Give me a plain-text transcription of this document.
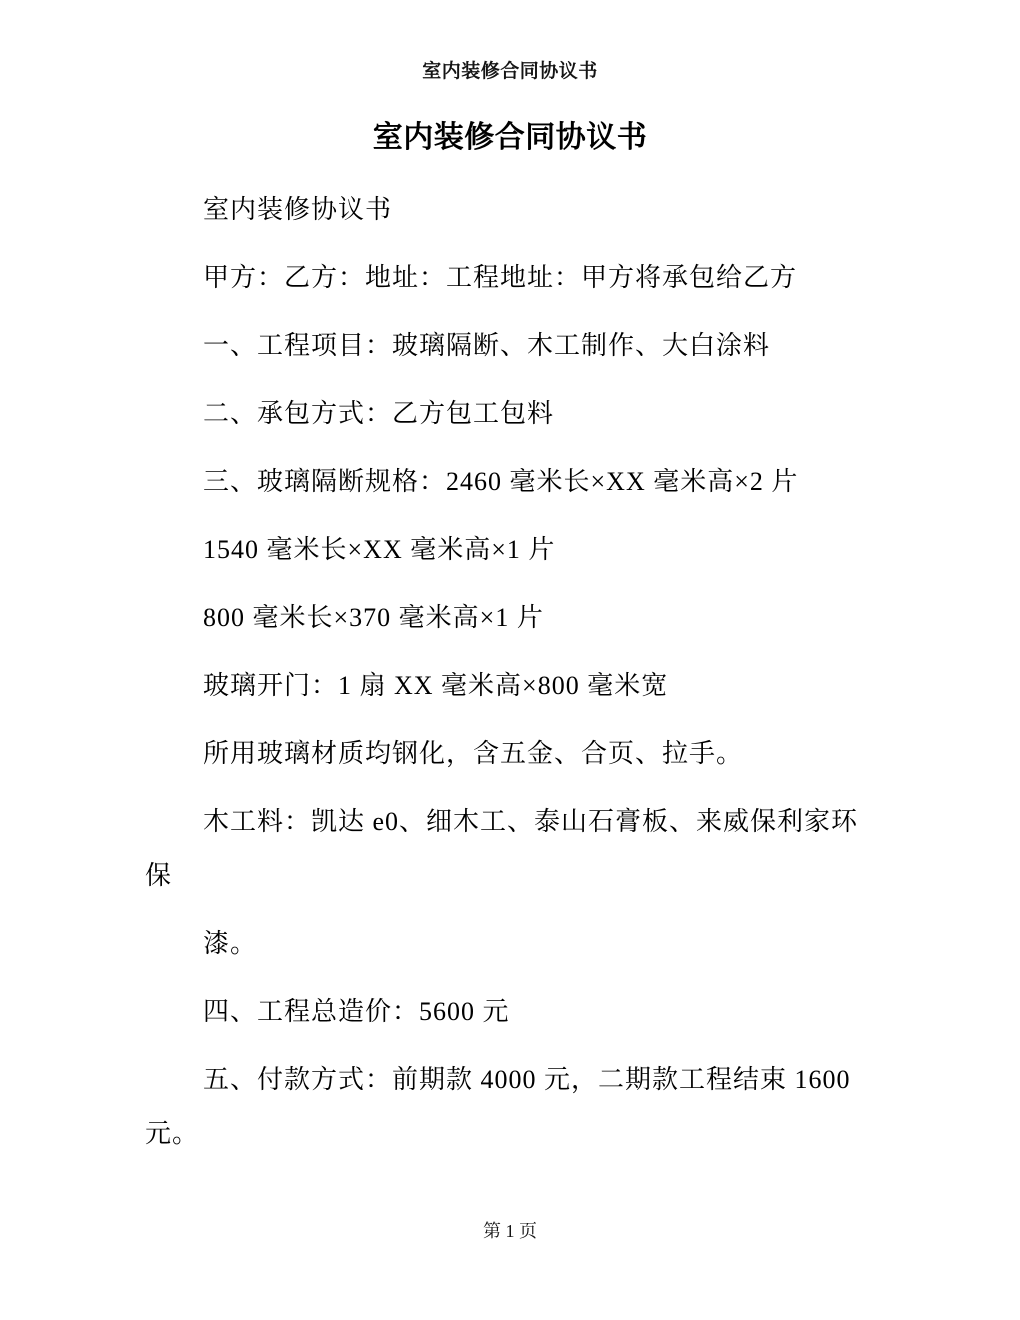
室内装修合同协议书
室内装修合同协议书

室内装修协议书

甲方：乙方：地址：工程地址：甲方将承包给乙方

一、工程项目：玻璃隔断、木工制作、大白涂料

二、承包方式：乙方包工包料

三、玻璃隔断规格：2460 毫米长×XX 毫米高×2 片

1540 毫米长×XX 毫米高×1 片

800 毫米长×370 毫米高×1 片

玻璃开门：1 扇 XX 毫米高×800 毫米宽

所用玻璃材质均钢化，含五金、合页、拉手。

木工料：凯达 e0、细木工、泰山石膏板、来威保利家环

保

漆。

四、工程总造价：5600 元

五、付款方式：前期款 4000 元，二期款工程结束 1600 元。

第 1 页
